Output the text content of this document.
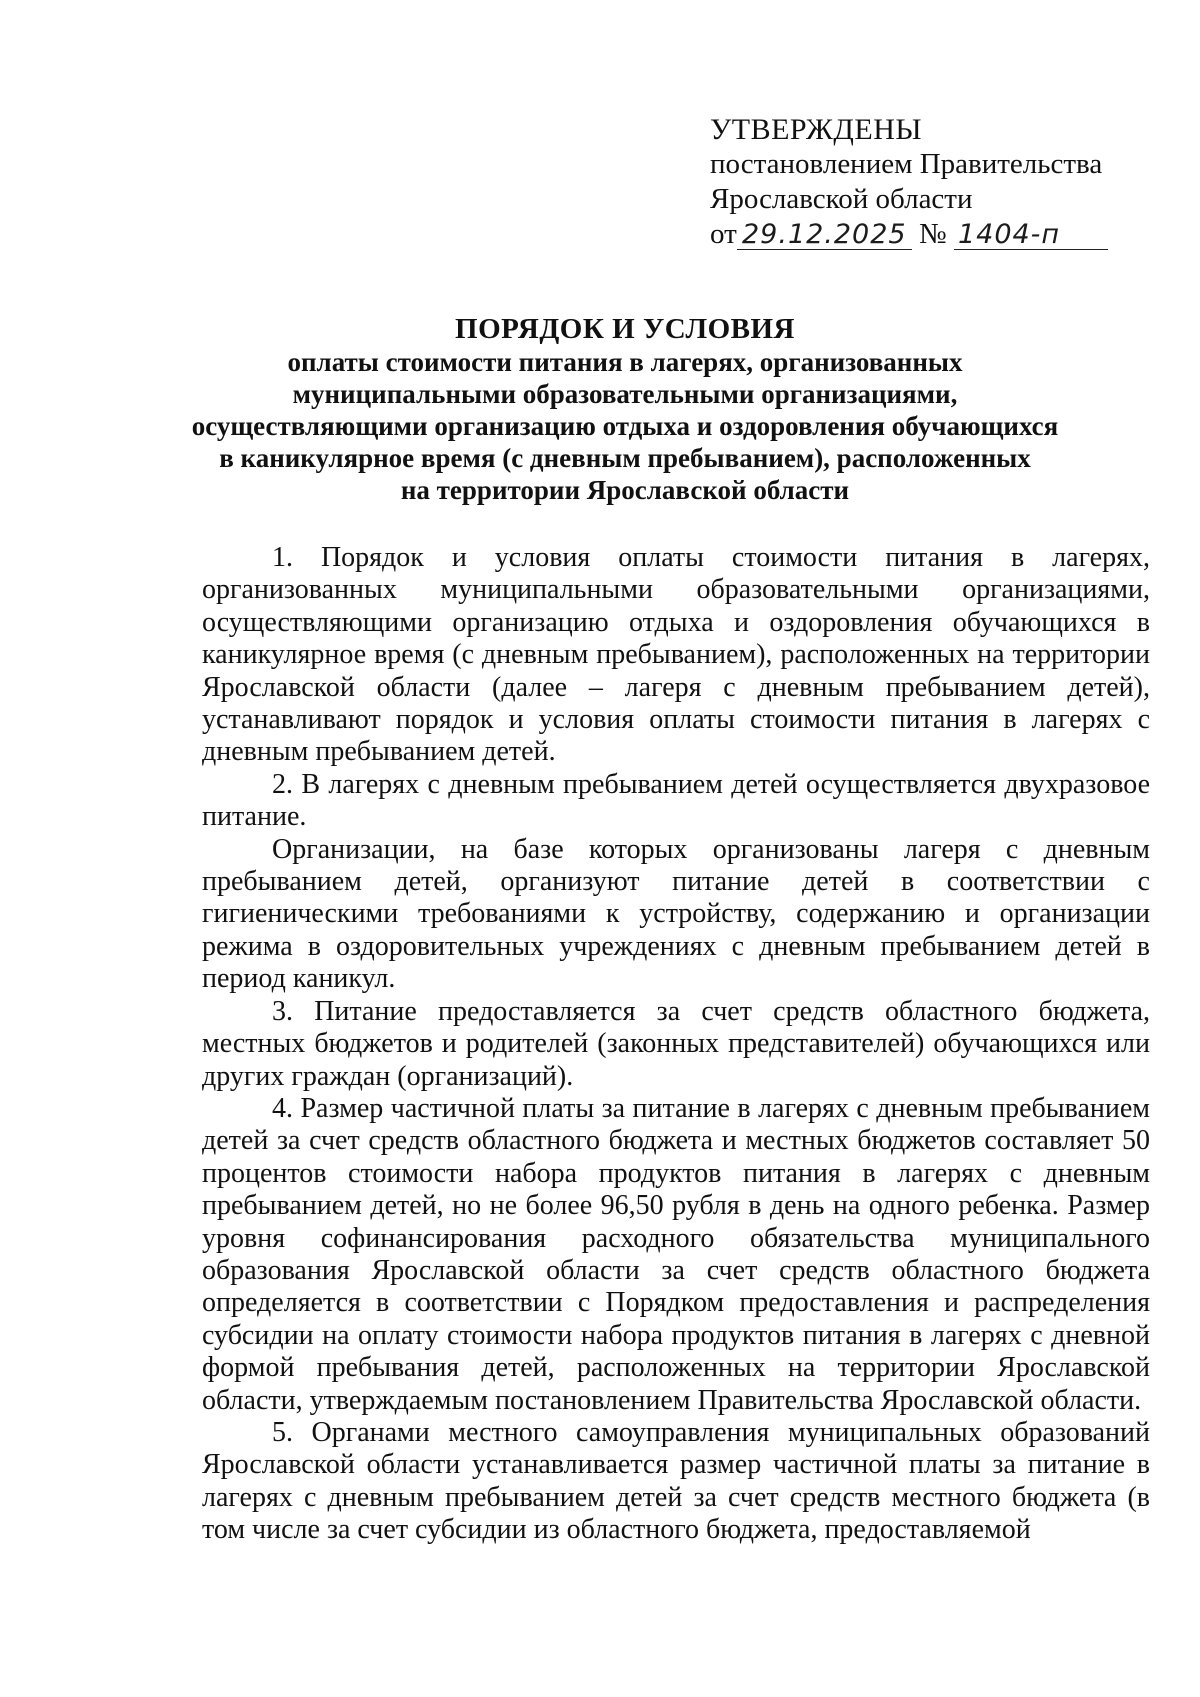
УТВЕРЖДЕНЫ
постановлением Правительства
Ярославской области
от 29.12.2025 № 1404-п
ПОРЯДОК И УСЛОВИЯ
оплаты стоимости питания в лагерях, организованных
муниципальными образовательными организациями,
осуществляющими организацию отдыха и оздоровления обучающихся
в каникулярное время (с дневным пребыванием), расположенных
на территории Ярославской области

1. Порядок и условия оплаты стоимости питания в лагерях, организованных муниципальными образовательными организациями, осуществляющими организацию отдыха и оздоровления обучающихся в каникулярное время (с дневным пребыванием), расположенных на территории Ярославской области (далее – лагеря с дневным пребыванием детей), устанавливают порядок и условия оплаты стоимости питания в лагерях с дневным пребыванием детей.

2. В лагерях с дневным пребыванием детей осуществляется двухразовое питание.

Организации, на базе которых организованы лагеря с дневным пребыванием детей, организуют питание детей в соответствии с гигиеническими требованиями к устройству, содержанию и организации режима в оздоровительных учреждениях с дневным пребыванием детей в период каникул.

3. Питание предоставляется за счет средств областного бюджета, местных бюджетов и родителей (законных представителей) обучающихся или других граждан (организаций).

4. Размер частичной платы за питание в лагерях с дневным пребыванием детей за счет средств областного бюджета и местных бюджетов составляет 50 процентов стоимости набора продуктов питания в лагерях с дневным пребыванием детей, но не более 96,50 рубля в день на одного ребенка. Размер уровня софинансирования расходного обязательства муниципального образования Ярославской области за счет средств областного бюджета определяется в соответствии с Порядком предоставления и распределения субсидии на оплату стоимости набора продуктов питания в лагерях с дневной формой пребывания детей, расположенных на территории Ярославской области, утверждаемым постановлением Правительства Ярославской области.

5. Органами местного самоуправления муниципальных образований Ярославской области устанавливается размер частичной платы за питание в лагерях с дневным пребыванием детей за счет средств местного бюджета (в том числе за счет субсидии из областного бюджета, предоставляемой
